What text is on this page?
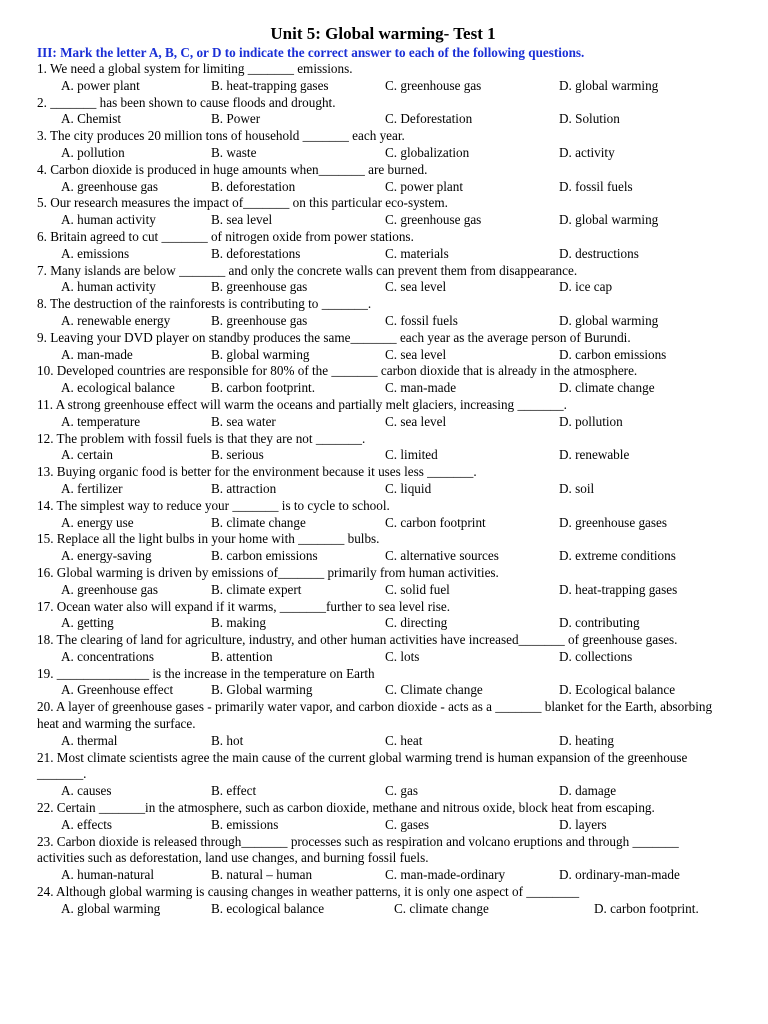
Unit 5: Global warming- Test 1
III: Mark the letter A, B, C, or D to indicate the correct answer to each of the following questions.
1. We need a global system for limiting _______ emissions.
A. power plant	B. heat-trapping gases	C. greenhouse gas	D. global warming
2. _______ has been shown to cause floods and drought.
A. Chemist	B. Power	C. Deforestation	D. Solution
3. The city produces 20 million tons of household _______ each year.
A. pollution	B. waste	C. globalization	D. activity
4. Carbon dioxide is produced in huge amounts when_______ are burned.
A. greenhouse gas	B. deforestation	C. power plant	D. fossil fuels
5. Our research measures the impact of_______ on this particular eco-system.
A. human activity	B. sea level	C. greenhouse gas	D. global warming
6. Britain agreed to cut _______ of nitrogen oxide from power stations.
A. emissions	B. deforestations	C. materials	D. destructions
7. Many islands are below _______ and only the concrete walls can prevent them from disappearance.
A. human activity	B. greenhouse gas	C. sea level	D. ice cap
8. The destruction of the rainforests is contributing to _______.
A. renewable energy	B. greenhouse gas	C. fossil fuels	D. global warming
9. Leaving your DVD player on standby produces the same_______ each year as the average person of Burundi.
A. man-made	B. global warming	C. sea level	D. carbon emissions
10. Developed countries are responsible for 80% of the _______ carbon dioxide that is already in the atmosphere.
A. ecological balance	B. carbon footprint.	C. man-made	D. climate change
11. A strong greenhouse effect will warm the oceans and partially melt glaciers, increasing _______.
A. temperature	B. sea water	C. sea level	D. pollution
12. The problem with fossil fuels is that they are not _______.
A. certain	B. serious	C. limited	D. renewable
13. Buying organic food is better for the environment because it uses less _______.
A. fertilizer	B. attraction	C. liquid	D. soil
14. The simplest way to reduce your _______ is to cycle to school.
A. energy use	B. climate change	C. carbon footprint	D. greenhouse gases
15. Replace all the light bulbs in your home with _______ bulbs.
A. energy-saving	B. carbon emissions	C. alternative sources	D. extreme conditions
16. Global warming is driven by emissions of_______ primarily from human activities.
A. greenhouse gas	B. climate expert	C. solid fuel	D. heat-trapping gases
17. Ocean water also will expand if it warms, _______further to sea level rise.
A. getting	B. making	C. directing	D. contributing
18. The clearing of land for agriculture, industry, and other human activities have increased_______ of greenhouse gases.
A. concentrations	B. attention	C. lots	D. collections
19. ______________ is the increase in the temperature on Earth
A. Greenhouse effect	B. Global warming	C. Climate change	D. Ecological balance
20. A layer of greenhouse gases - primarily water vapor, and carbon dioxide - acts as a _______ blanket for the Earth, absorbing heat and warming the surface.
A. thermal	B. hot	C. heat	D. heating
21. Most climate scientists agree the main cause of the current global warming trend is human expansion of the greenhouse _______.
A. causes	B. effect	C. gas	D. damage
22. Certain _______in the atmosphere, such as carbon dioxide, methane and nitrous oxide, block heat from escaping.
A. effects	B. emissions	C. gases	D. layers
23. Carbon dioxide is released through_______ processes such as respiration and volcano eruptions and through _______ activities such as deforestation, land use changes, and burning fossil fuels.
A. human-natural	B. natural – human	C. man-made-ordinary	D. ordinary-man-made
24. Although global warming is causing changes in weather patterns, it is only one aspect of ________
A. global warming	B. ecological balance	C. climate change	D. carbon footprint.
